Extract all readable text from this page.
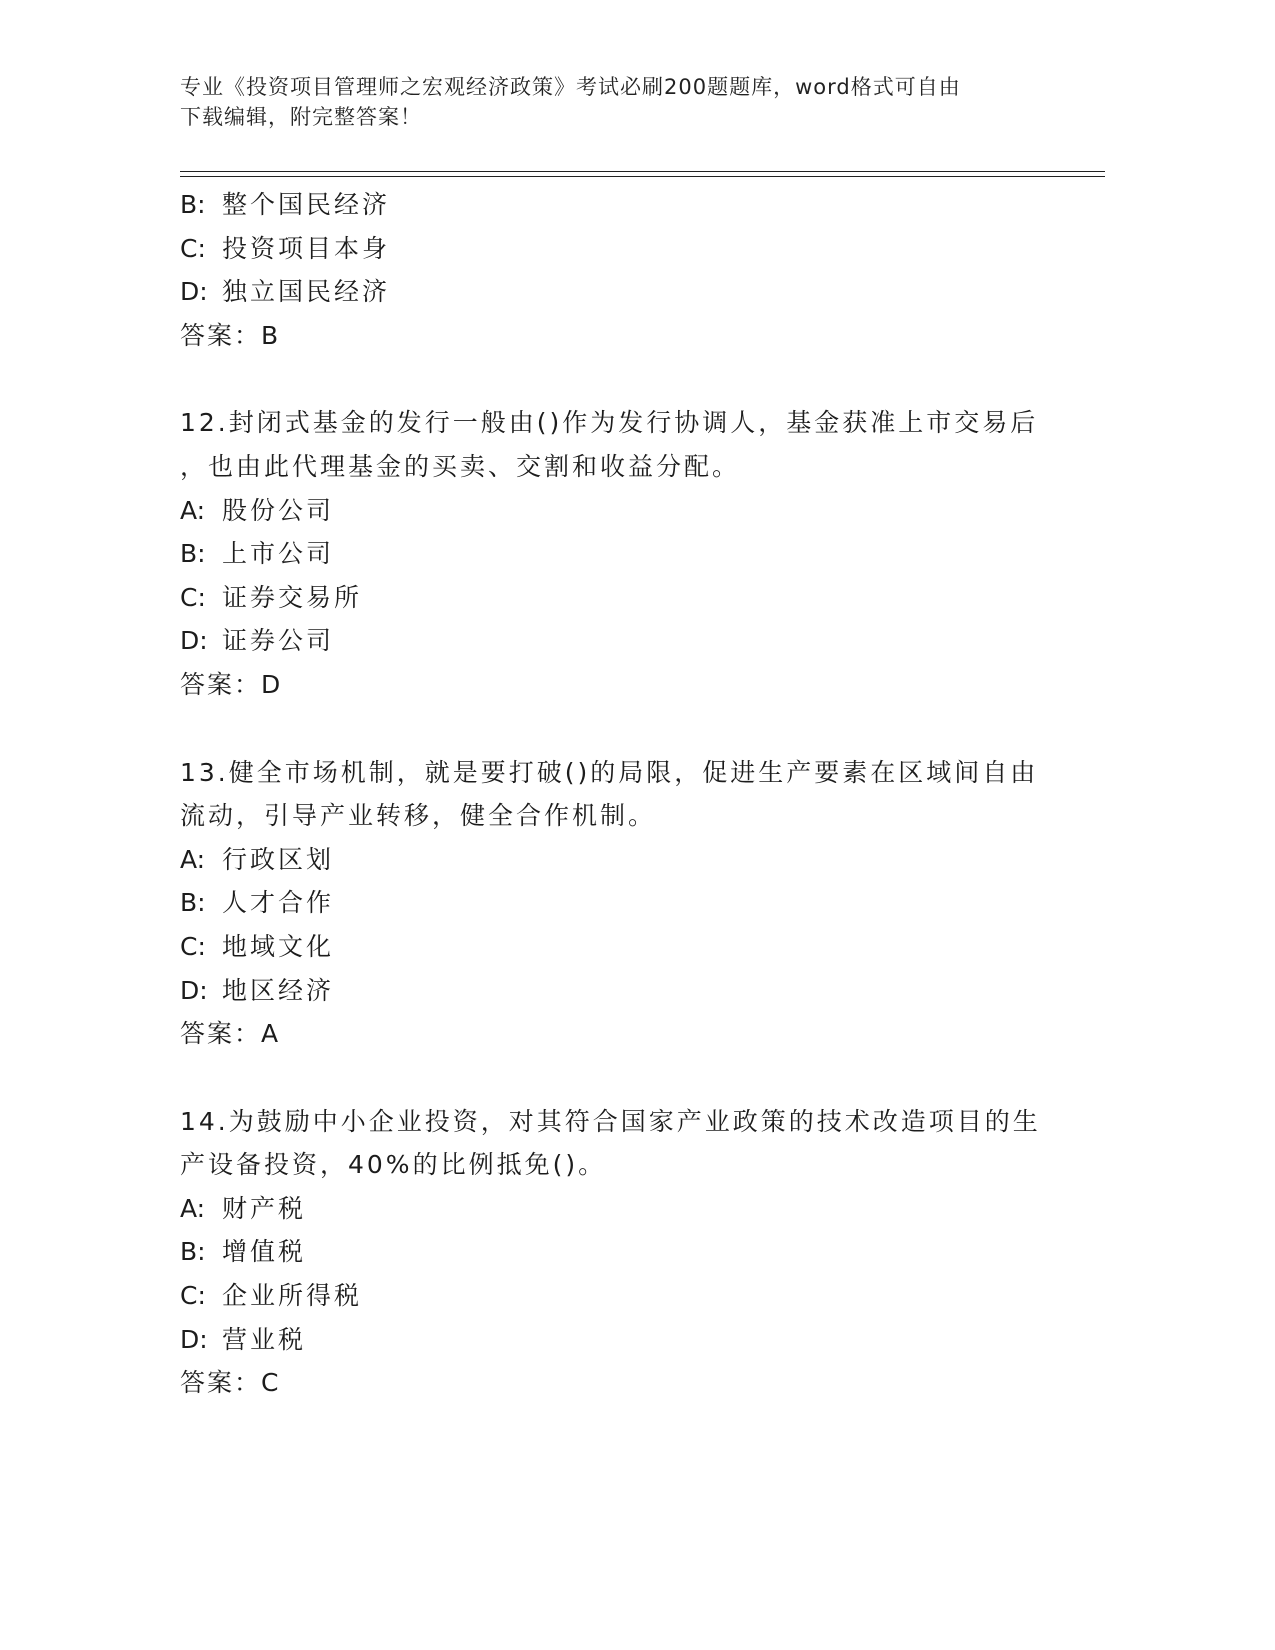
专业《投资项目管理师之宏观经济政策》考试必刷200题题库，word格式可自由
下载编辑，附完整答案！
B: 整个国民经济
C: 投资项目本身
D: 独立国民经济
答案：B
12.封闭式基金的发行一般由()作为发行协调人，基金获准上市交易后
，也由此代理基金的买卖、交割和收益分配。
A: 股份公司
B: 上市公司
C: 证券交易所
D: 证券公司
答案：D
13.健全市场机制，就是要打破()的局限，促进生产要素在区域间自由
流动，引导产业转移，健全合作机制。
A: 行政区划
B: 人才合作
C: 地域文化
D: 地区经济
答案：A
14.为鼓励中小企业投资，对其符合国家产业政策的技术改造项目的生
产设备投资，40%的比例抵免()。
A: 财产税
B: 增值税
C: 企业所得税
D: 营业税
答案：C
